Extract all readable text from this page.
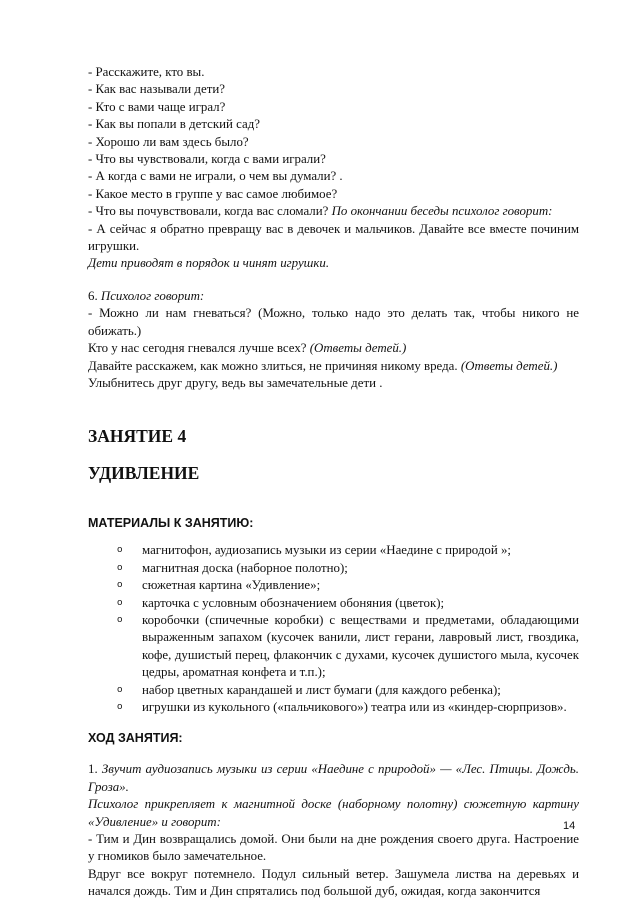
- Расскажите, кто вы.
- Как вас называли дети?
- Кто с вами чаще играл?
- Как вы попали в детский сад?
- Хорошо ли вам здесь было?
- Что вы чувствовали, когда с вами играли?
- А когда с вами не играли, о чем вы думали? .
- Какое место в группе у вас самое любимое?
- Что вы почувствовали, когда вас сломали? По окончании беседы психолог говорит:
- А сейчас я обратно превращу вас в девочек и мальчиков. Давайте все вместе починим игрушки.
Дети приводят в порядок и чинят игрушки.
6. Психолог говорит:
- Можно ли нам гневаться? (Можно, только надо это делать так, чтобы никого не обижать.)
Кто у нас сегодня гневался лучше всех? (Ответы детей.)
Давайте расскажем, как можно злиться, не причиняя никому вреда. (Ответы детей.)
Улыбнитесь друг другу, ведь вы замечательные дети .
ЗАНЯТИЕ 4
УДИВЛЕНИЕ
МАТЕРИАЛЫ К ЗАНЯТИЮ:
o магнитофон, аудиозапись музыки из серии «Наедине с природой »;
o магнитная доска (наборное полотно);
o сюжетная картина «Удивление»;
o карточка с условным обозначением обоняния (цветок);
o коробочки (спичечные коробки) с веществами и предметами, обладающими выраженным запахом (кусочек ванили, лист герани, лавровый лист, гвоздика, кофе, душистый перец, флакончик с духами, кусочек душистого мыла, кусочек цедры, ароматная конфета и т.п.);
o набор цветных карандашей и лист бумаги (для каждого ребенка);
o игрушки из кукольного («пальчикового») театра или из «киндер-сюрпризов».
ХОД ЗАНЯТИЯ:
1. Звучит аудиозапись музыки из серии «Наедине с природой» — «Лес. Птицы. Дождь. Гроза».
Психолог прикрепляет к магнитной доске (наборному полотну) сюжетную картину «Удивление» и говорит:
- Тим и Дин возвращались домой. Они были на дне рождения своего друга. Настроение у гномиков было замечательное.
Вдруг все вокруг потемнело. Подул сильный ветер. Зашумела листва на деревьях и начался дождь. Тим и Дин спрятались под большой дуб, ожидая, когда закончится
14
